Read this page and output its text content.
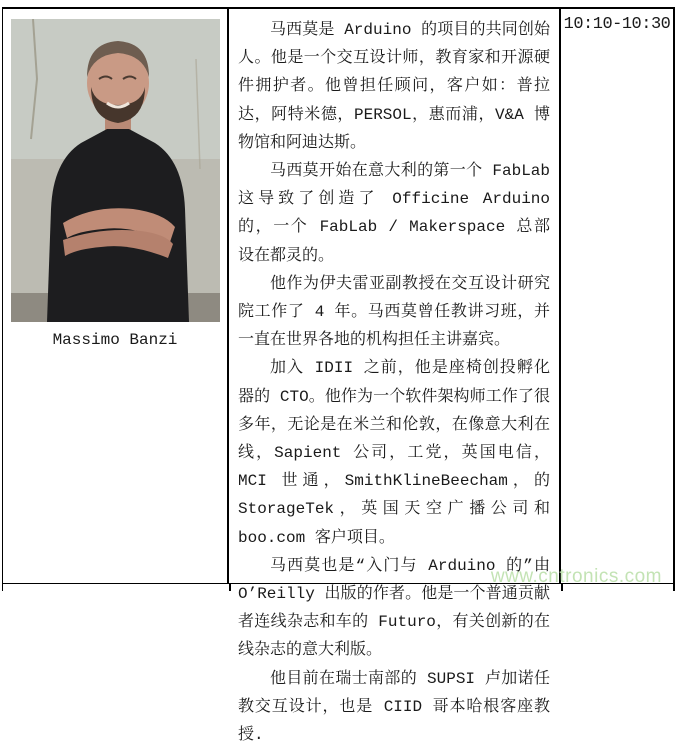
Massimo Banzi

马西莫是 Arduino 的项目的共同创始人。他是一个交互设计师，教育家和开源硬件拥护者。他曾担任顾问，客户如：普拉达，阿特米德，PERSOL，惠而浦，V&A 博物馆和阿迪达斯。

马西莫开始在意大利的第一个 FabLab 这导致了创造了 Officine Arduino 的，一个 FabLab / Makerspace 总部设在都灵的。

他作为伊夫雷亚副教授在交互设计研究院工作了 4 年。马西莫曾任教讲习班，并一直在世界各地的机构担任主讲嘉宾。

加入 IDII 之前，他是座椅创投孵化器的 CTO。他作为一个软件架构师工作了很多年，无论是在米兰和伦敦，在像意大利在线，Sapient 公司，工党，英国电信，MCI 世通，SmithKlineBeecham，的 StorageTek，英国天空广播公司和 boo.com 客户项目。

马西莫也是“入门与 Arduino 的”由 O’Reilly 出版的作者。他是一个普通贡献者连线杂志和车的 Futuro，有关创新的在线杂志的意大利版。

他目前在瑞士南部的 SUPSI 卢加诺任教交互设计，也是 CIID 哥本哈根客座教授.

10:10-10:30
www.cntronics.com
